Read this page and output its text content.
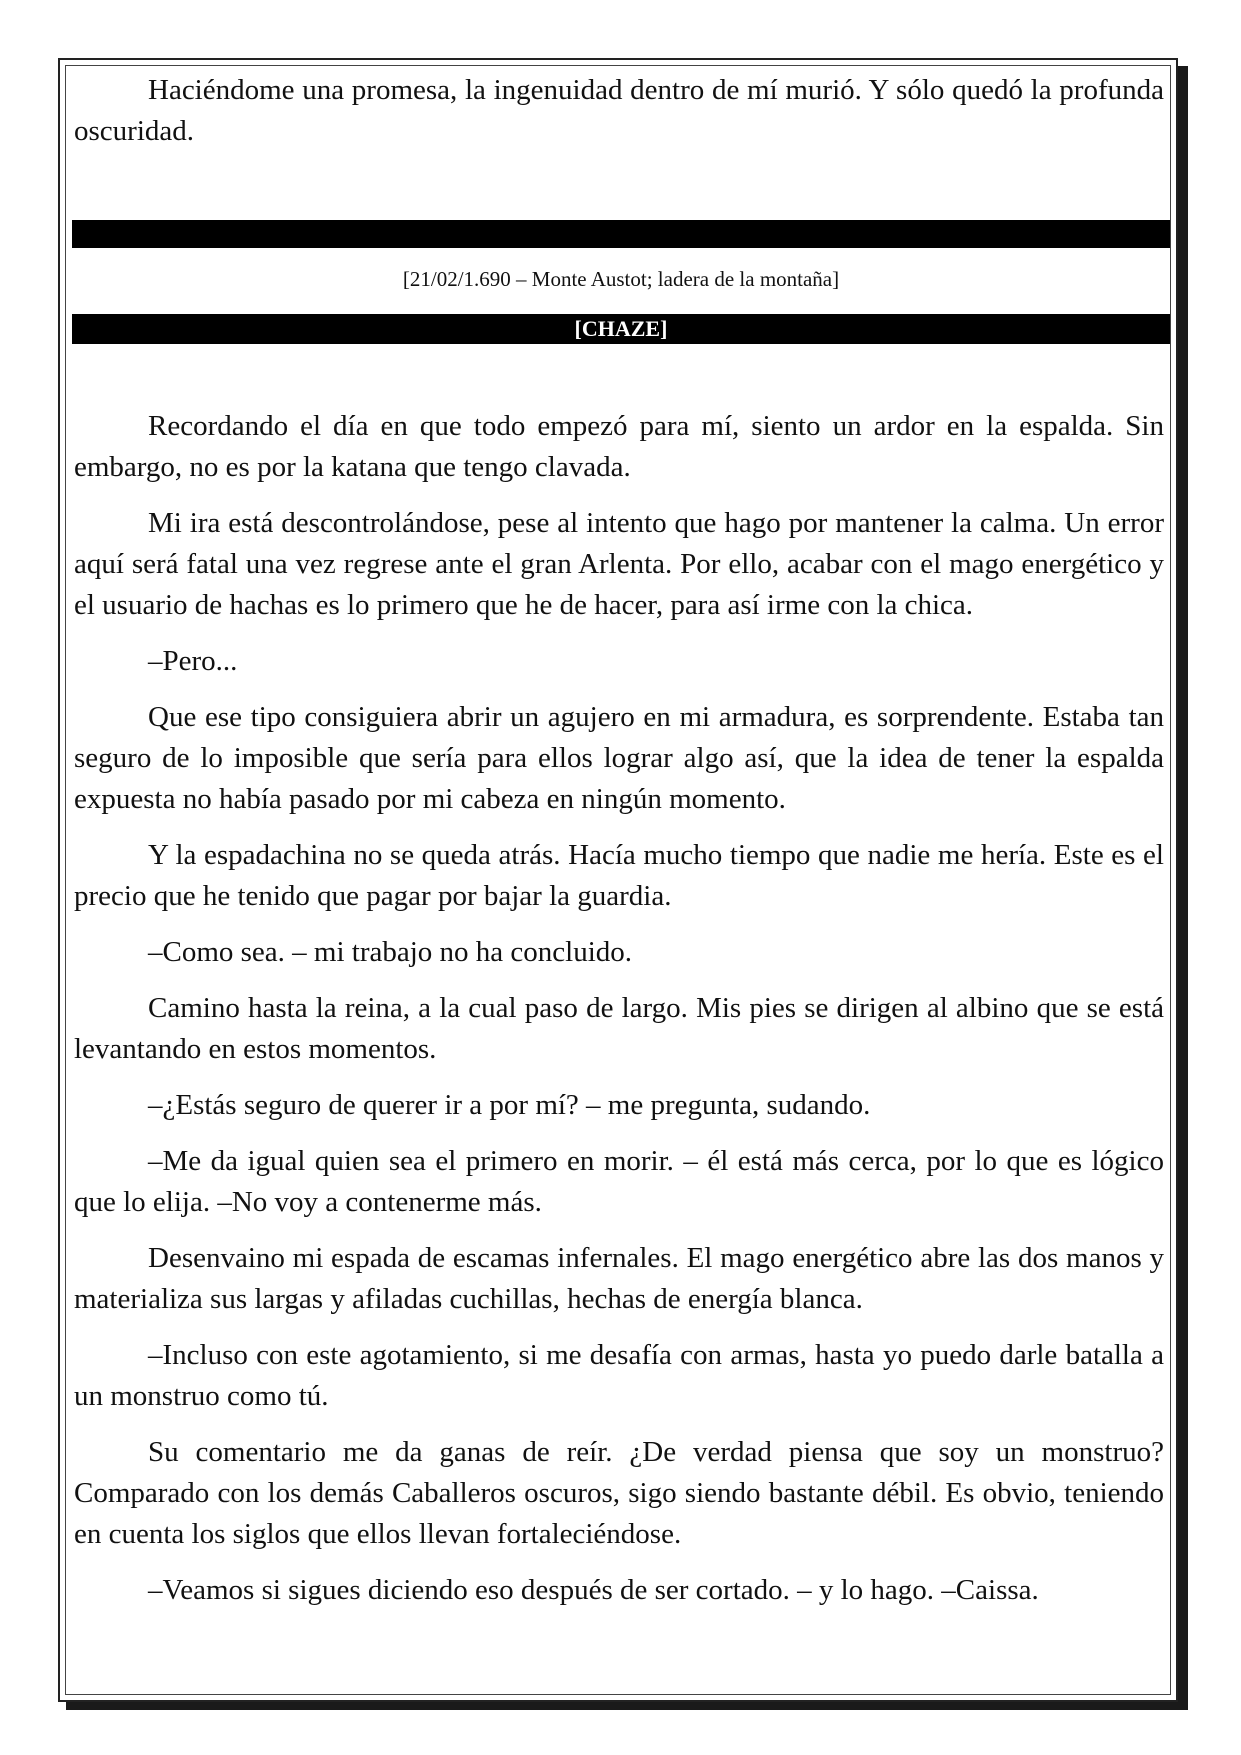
Haciéndome una promesa, la ingenuidad dentro de mí murió. Y sólo quedó la profunda oscuridad.

[21/02/1.690 – Monte Austot; ladera de la montaña]
[CHAZE]

Recordando el día en que todo empezó para mí, siento un ardor en la espalda. Sin embargo, no es por la katana que tengo clavada.

Mi ira está descontrolándose, pese al intento que hago por mantener la calma. Un error aquí será fatal una vez regrese ante el gran Arlenta. Por ello, acabar con el mago energético y el usuario de hachas es lo primero que he de hacer, para así irme con la chica.

–Pero...

Que ese tipo consiguiera abrir un agujero en mi armadura, es sorprendente. Estaba tan seguro de lo imposible que sería para ellos lograr algo así, que la idea de tener la espalda expuesta no había pasado por mi cabeza en ningún momento.

Y la espadachina no se queda atrás. Hacía mucho tiempo que nadie me hería. Este es el precio que he tenido que pagar por bajar la guardia.

–Como sea. – mi trabajo no ha concluido.

Camino hasta la reina, a la cual paso de largo. Mis pies se dirigen al albino que se está levantando en estos momentos.

–¿Estás seguro de querer ir a por mí? – me pregunta, sudando.

–Me da igual quien sea el primero en morir. – él está más cerca, por lo que es lógico que lo elija. –No voy a contenerme más.

Desenvaino mi espada de escamas infernales. El mago energético abre las dos manos y materializa sus largas y afiladas cuchillas, hechas de energía blanca.

–Incluso con este agotamiento, si me desafía con armas, hasta yo puedo darle batalla a un monstruo como tú.

Su comentario me da ganas de reír. ¿De verdad piensa que soy un monstruo? Comparado con los demás Caballeros oscuros, sigo siendo bastante débil. Es obvio, teniendo en cuenta los siglos que ellos llevan fortaleciéndose.

–Veamos si sigues diciendo eso después de ser cortado. – y lo hago. –Caissa.
